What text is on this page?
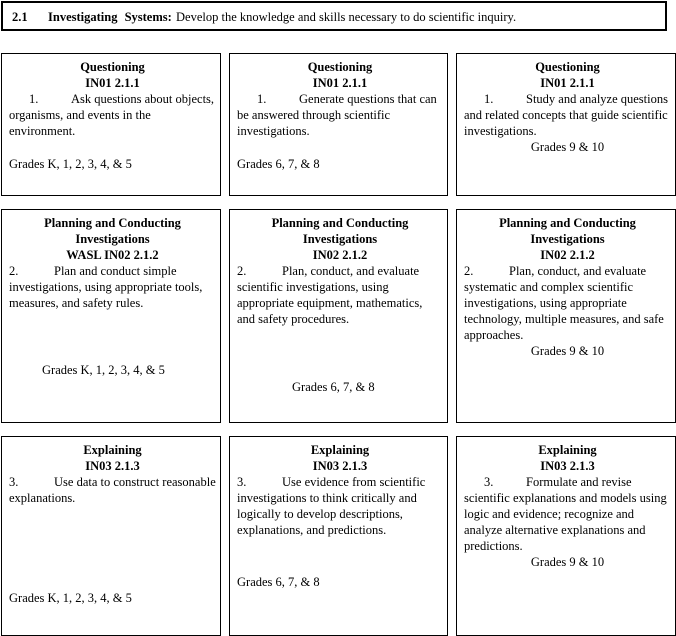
2.1 Investigating Systems: Develop the knowledge and skills necessary to do scientific inquiry.
Questioning
IN01 2.1.1

1.	Ask questions about objects, organisms, and events in the environment.

Grades K, 1, 2, 3, 4, & 5
Questioning
IN01 2.1.1

1.	Generate questions that can be answered through scientific investigations.

Grades 6, 7, & 8
Questioning
IN01 2.1.1

1.	Study and analyze questions and related concepts that guide scientific investigations.

Grades 9 & 10
Planning and Conducting Investigations
WASL IN02 2.1.2

2.	Plan and conduct simple investigations, using appropriate tools, measures, and safety rules.

Grades K, 1, 2, 3, 4, & 5
Planning and Conducting Investigations
IN02 2.1.2

2.	Plan, conduct, and evaluate scientific investigations, using appropriate equipment, mathematics, and safety procedures.

Grades 6, 7, & 8
Planning and Conducting Investigations
IN02 2.1.2

2.	Plan, conduct, and evaluate systematic and complex scientific investigations, using appropriate technology, multiple measures, and safe approaches.

Grades 9 & 10
Explaining
IN03 2.1.3

3.	Use data to construct reasonable explanations.

Grades K, 1, 2, 3, 4, & 5
Explaining
IN03 2.1.3

3.	Use evidence from scientific investigations to think critically and logically to develop descriptions, explanations, and predictions.

Grades 6, 7, & 8
Explaining
IN03 2.1.3

3.	Formulate and revise scientific explanations and models using logic and evidence; recognize and analyze alternative explanations and predictions.

Grades 9 & 10
